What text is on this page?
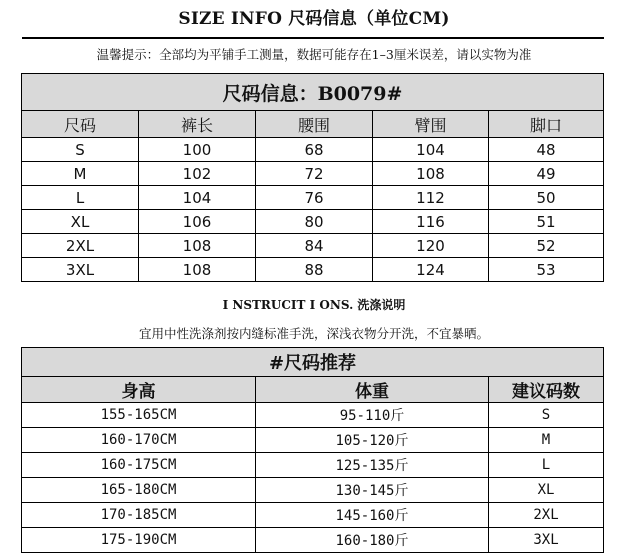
SIZE INFO 尺码信息（单位CM)
温馨提示：全部均为平铺手工测量，数据可能存在1–3厘米误差，请以实物为准
尺码信息：B0079#				
尺码	裤长	腰围	臂围	脚口
S	100	68	104	48
M	102	72	108	49
L	104	76	112	50
XL	106	80	116	51
2XL	108	84	120	52
3XL	108	88	124	53
I NSTRUCIT I ONS. 洗涤说明
宜用中性洗涤剂按内缝标准手洗，深浅衣物分开洗，不宜暴晒。
#尺码推荐		
身高	体重	建议码数
155-165CM	95-110斤	S
160-170CM	105-120斤	M
160-175CM	125-135斤	L
165-180CM	130-145斤	XL
170-185CM	145-160斤	2XL
175-190CM	160-180斤	3XL
